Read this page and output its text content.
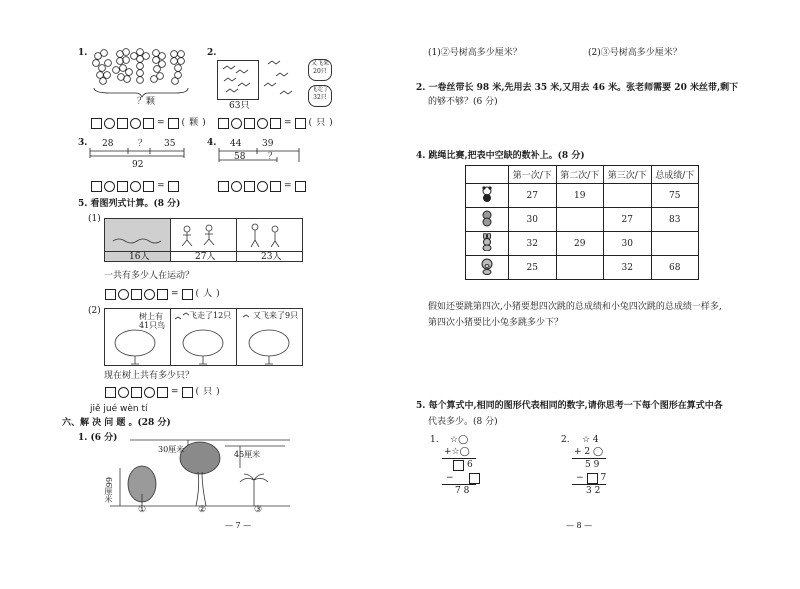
1.
？颗
= ( 颗 )
2.
63只
又飞来20只
飞走了32只
= ( 只 )
3. 28	？ 35
92
=
4. 44 39
58	？
=
5. 看图列式计算。(8 分)
(1)
16人	27人	23人
一共有多少人在运动？
= ( 人 )
(2)
树上有41只鸟
飞走了12只	又飞来了9只
现在树上共有多少只？
= ( 只 )
jiě jué wèn tí
六、解 决 问 题 。(28 分)
1. (6 分)
30厘米
45厘米
66厘米
①	②	③
— 7 —
(1)②号树高多少厘米？	(2)③号树高多少厘米？
2. 一卷丝带长 98 米,先用去 35 米,又用去 46 米。张老师需要 20 米丝带,剩下
的够不够？(6 分)
4. 跳绳比赛,把表中空缺的数补上。(8 分)
	第一次/下	第二次/下	第三次/下	总成绩/下
	27	19		75
	30		27	83
	32	29	30	
	25		32	68
假如还要跳第四次,小猪要想四次跳的总成绩和小兔四次跳的总成绩一样多,
第四次小猪要比小兔多跳多少下？
5. 每个算式中,相同的图形代表相同的数字,请你思考一下每个图形在算式中各
代表多少。(8 分)
1. ☆◯
+☆◯
6
−
7 8
2. ☆ 4
+ 2 ◯
5 9
− 7
3 2
— 8 —
